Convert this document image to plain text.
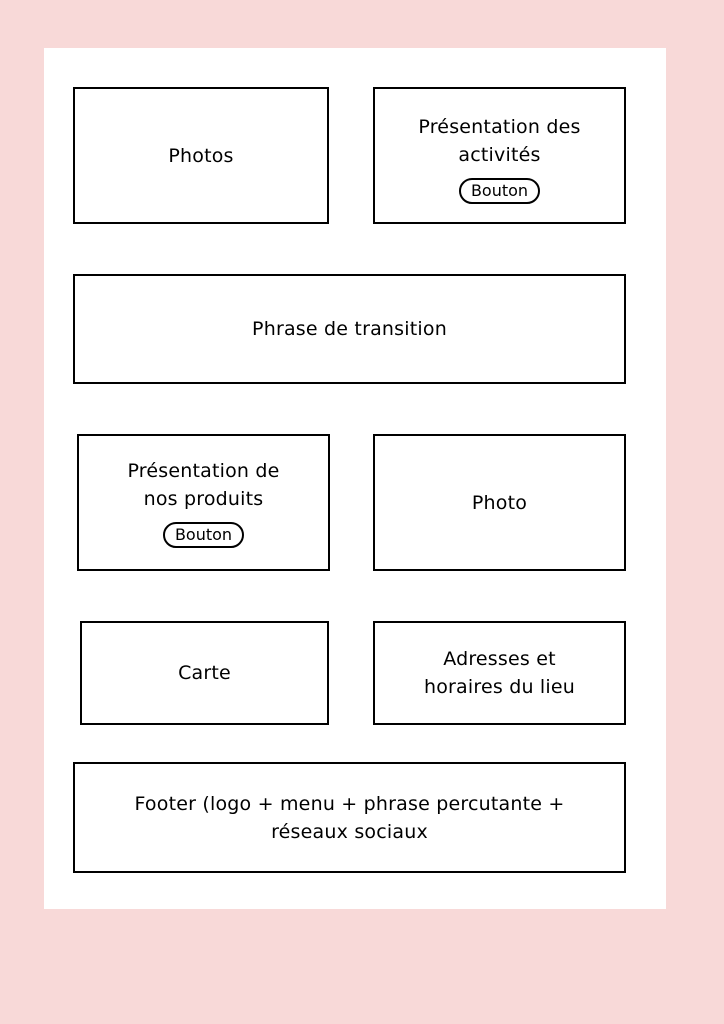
Photos
Présentation des
activités
Bouton
Phrase de transition
Présentation de
nos produits
Bouton
Photo
Carte
Adresses et
horaires du lieu
Footer (logo + menu + phrase percutante +
réseaux sociaux
